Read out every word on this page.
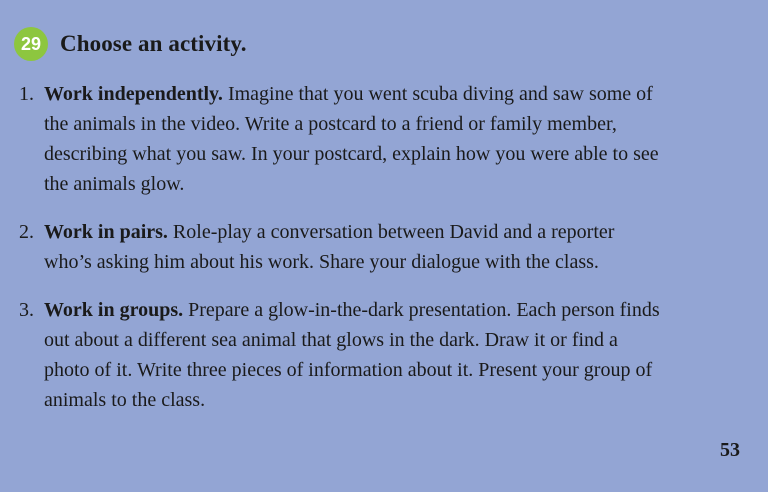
29 Choose an activity.
1. Work independently. Imagine that you went scuba diving and saw some of the animals in the video. Write a postcard to a friend or family member, describing what you saw. In your postcard, explain how you were able to see the animals glow.
2. Work in pairs. Role-play a conversation between David and a reporter who’s asking him about his work. Share your dialogue with the class.
3. Work in groups. Prepare a glow-in-the-dark presentation. Each person finds out about a different sea animal that glows in the dark. Draw it or find a photo of it. Write three pieces of information about it. Present your group of animals to the class.
53
